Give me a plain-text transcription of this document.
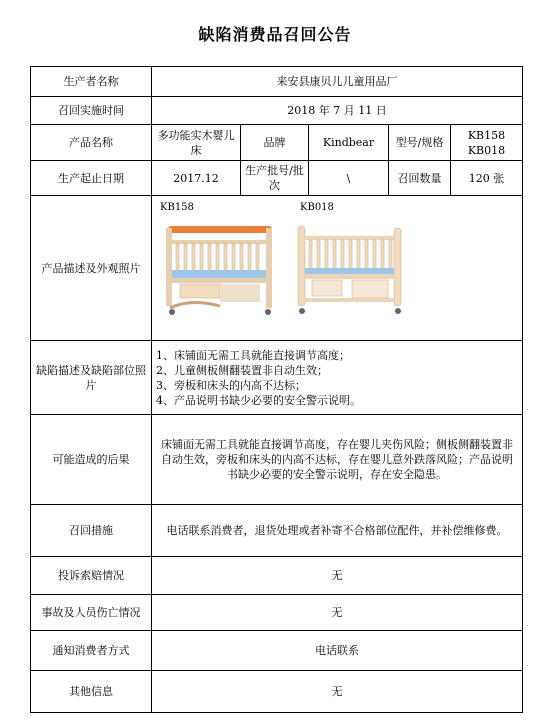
缺陷消费品召回公告
生产者名称	来安县康贝儿儿童用品厂				
召回实施时间	2018 年 7 月 11 日				
产品名称	多功能实木婴儿床	品牌	Kindbear	型号/规格	KB158
KB018

生产起止日期	2017.12	生产批号/批次	\	召回数量	120 张
产品描述及外观照片	KB158 KB018				

缺陷描述及缺陷部位照片	1、床铺面无需工具就能直接调节高度；
2、儿童侧板侧翻装置非自动生效；
3、旁板和床头的内高不达标；
4、产品说明书缺少必要的安全警示说明。				

可能造成的后果	床铺面无需工具就能直接调节高度，存在婴儿夹伤风险；侧板侧翻装置非自动生效，旁板和床头的内高不达标，存在婴儿意外跌落风险；产品说明书缺少必要的安全警示说明，存在安全隐患。				
召回措施	电话联系消费者，退货处理或者补寄不合格部位配件，并补偿维修费。				
投诉索赔情况	无				
事故及人员伤亡情况	无				
通知消费者方式	电话联系				
其他信息	无				
